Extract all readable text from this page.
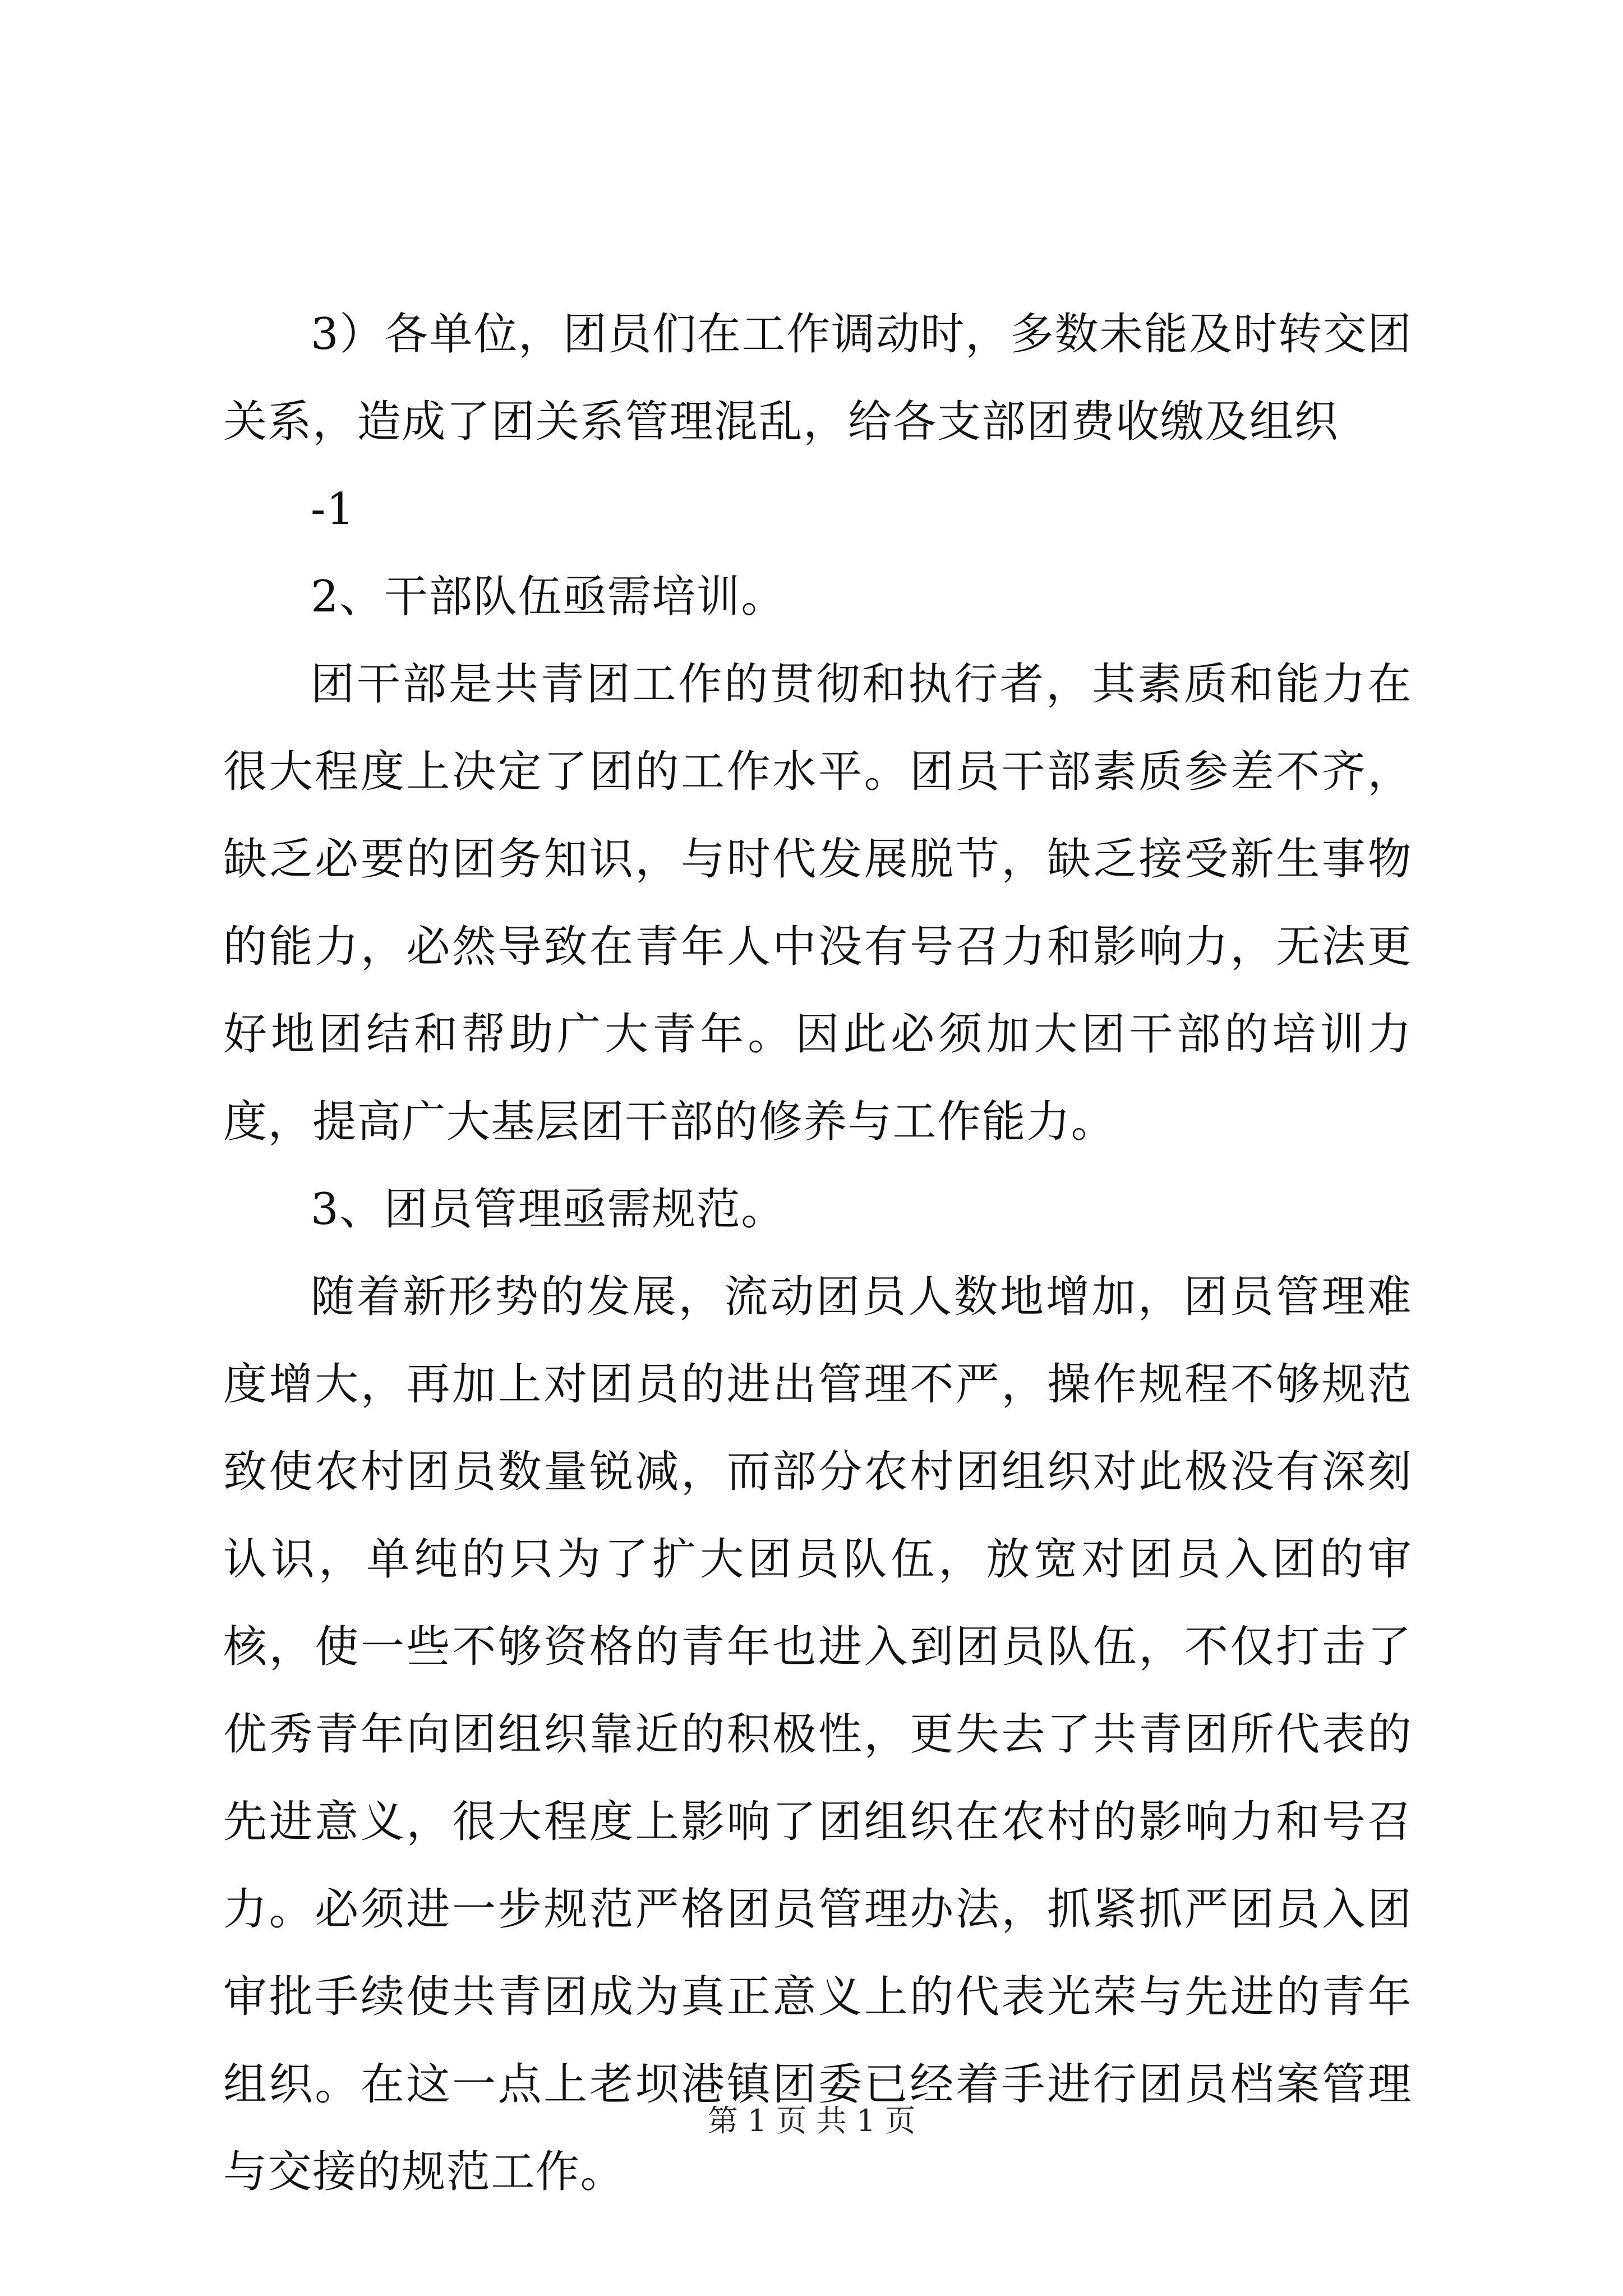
3）各单位，团员们在工作调动时，多数未能及时转交团关系，造成了团关系管理混乱，给各支部团费收缴及组织

-1

2、干部队伍亟需培训。

团干部是共青团工作的贯彻和执行者，其素质和能力在很大程度上决定了团的工作水平。团员干部素质参差不齐，缺乏必要的团务知识，与时代发展脱节，缺乏接受新生事物的能力，必然导致在青年人中没有号召力和影响力，无法更好地团结和帮助广大青年。因此必须加大团干部的培训力度，提高广大基层团干部的修养与工作能力。

3、团员管理亟需规范。

随着新形势的发展，流动团员人数地增加，团员管理难度增大，再加上对团员的进出管理不严，操作规程不够规范致使农村团员数量锐减，而部分农村团组织对此极没有深刻认识，单纯的只为了扩大团员队伍，放宽对团员入团的审核，使一些不够资格的青年也进入到团员队伍，不仅打击了优秀青年向团组织靠近的积极性，更失去了共青团所代表的先进意义，很大程度上影响了团组织在农村的影响力和号召力。必须进一步规范严格团员管理办法，抓紧抓严团员入团审批手续使共青团成为真正意义上的代表光荣与先进的青年组织。在这一点上老坝港镇团委已经着手进行团员档案管理与交接的规范工作。

第 1 页 共 1 页
